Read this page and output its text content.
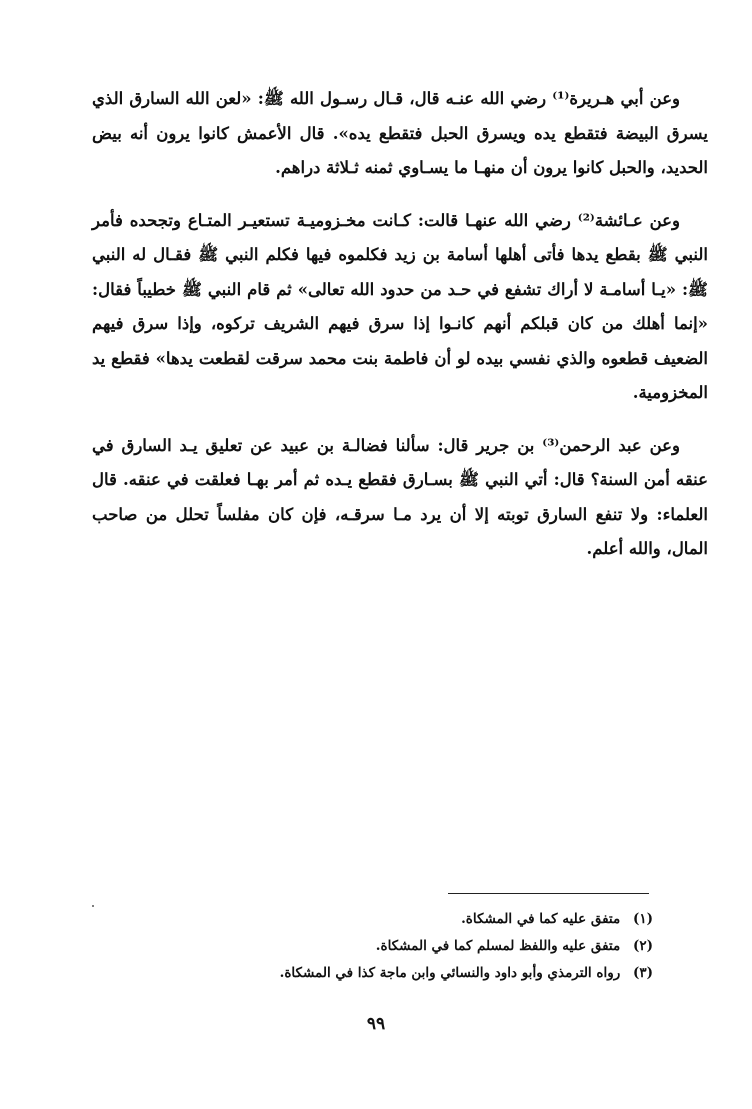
وعن أبي هـريرة⁽¹⁾ رضي الله عنـه قال، قـال رسـول الله ﷺ: «لعن الله السارق الذي يسرق البيضة فتقطع يده ويسرق الحبل فتقطع يده». قال الأعمش كانوا يرون أنه بيض الحديد، والحبل كانوا يرون أن منهـا ما يسـاوي ثمنه ثـلاثة دراهم.

وعن عـائشة⁽²⁾ رضي الله عنهـا قالت: كـانت مخـزوميـة تستعيـر المتـاع وتجحده فأمر النبي ﷺ بقطع يدها فأتى أهلها أسامة بن زيد فكلموه فيها فكلم النبي ﷺ فقـال له النبي ﷺ: «يـا أسامـة لا أراك تشفع في حـد من حدود الله تعالى» ثم قام النبي ﷺ خطيباً فقال: «إنما أهلك من كان قبلكم أنهم كانـوا إذا سرق فيهم الشريف تركوه، وإذا سرق فيهم الضعيف قطعوه والذي نفسي بيده لو أن فاطمة بنت محمد سرقت لقطعت يدها» فقطع يد المخزومية.

وعن عبد الرحمن⁽³⁾ بن جرير قال: سألنا فضالـة بن عبيد عن تعليق يـد السارق في عنقه أمن السنة؟ قال: أتي النبي ﷺ بسـارق فقطع يـده ثم أمر بهـا فعلقت في عنقه. قال العلماء: ولا تنفع السارق توبته إلا أن يرد مـا سرقـه، فإن كان مفلساً تحلل من صاحب المال، والله أعلم.

(١) متفق عليه كما في المشكاة.

(٢) متفق عليه واللفظ لمسلم كما في المشكاة.

(٣) رواه الترمذي وأبو داود والنسائي وابن ماجة كذا في المشكاة.

٩٩
